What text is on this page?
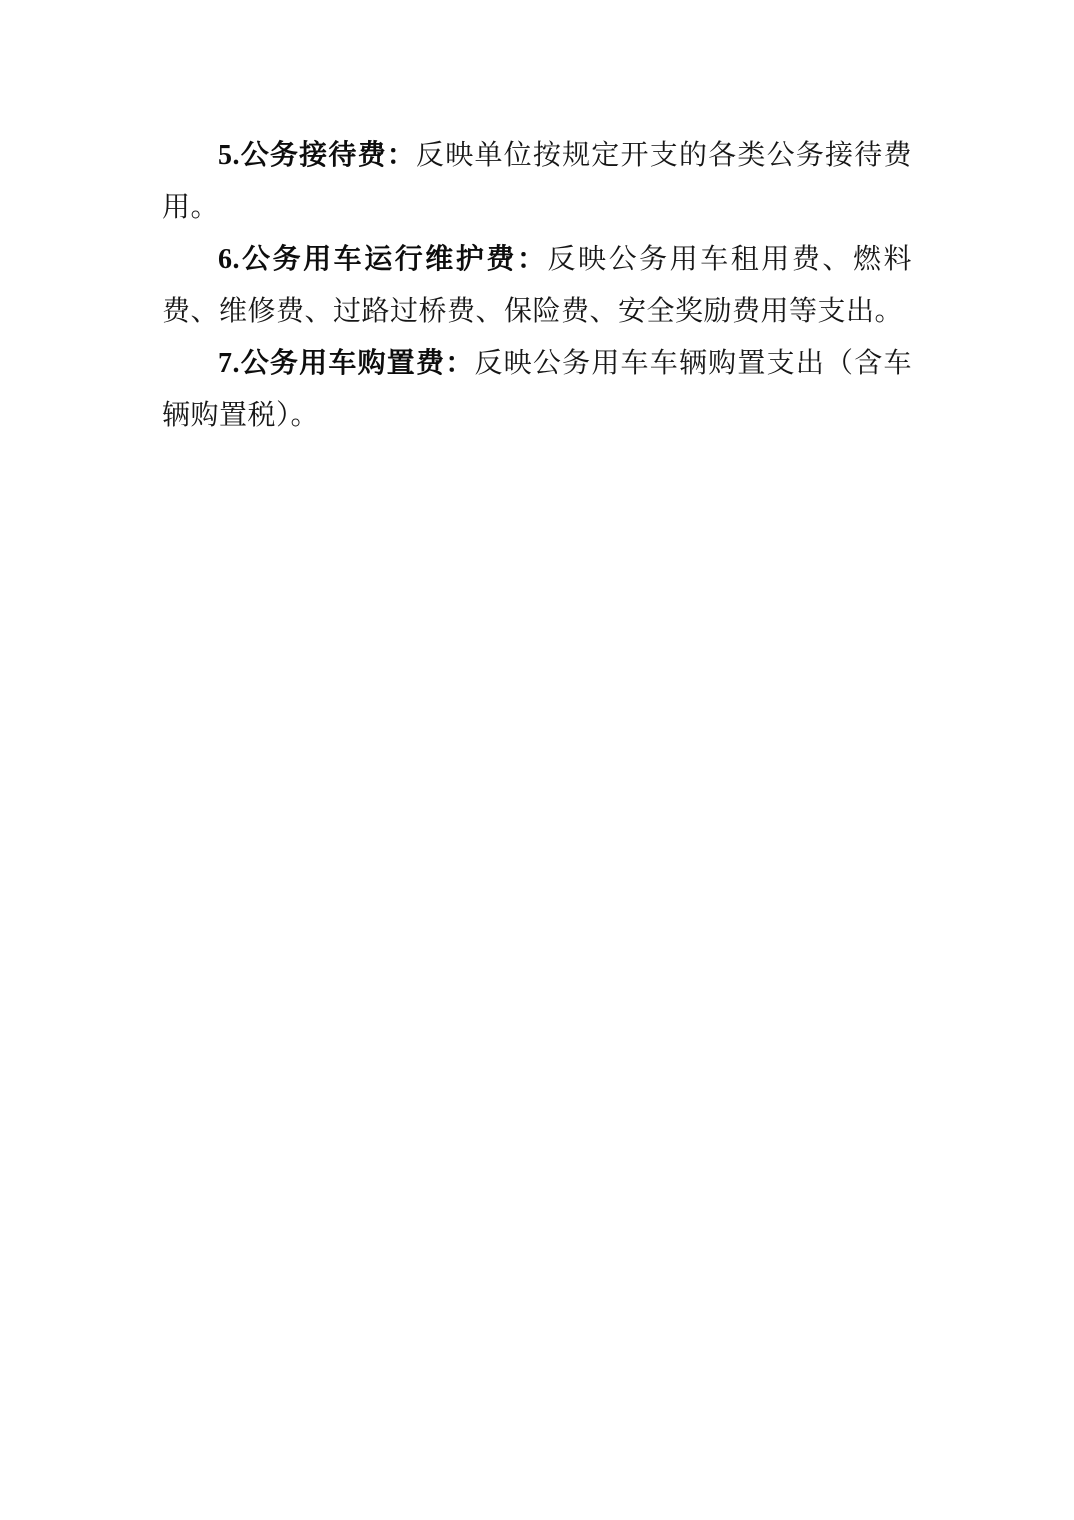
5.公务接待费：反映单位按规定开支的各类公务接待费用。

6.公务用车运行维护费：反映公务用车租用费、燃料费、维修费、过路过桥费、保险费、安全奖励费用等支出。

7.公务用车购置费：反映公务用车车辆购置支出（含车辆购置税）。
